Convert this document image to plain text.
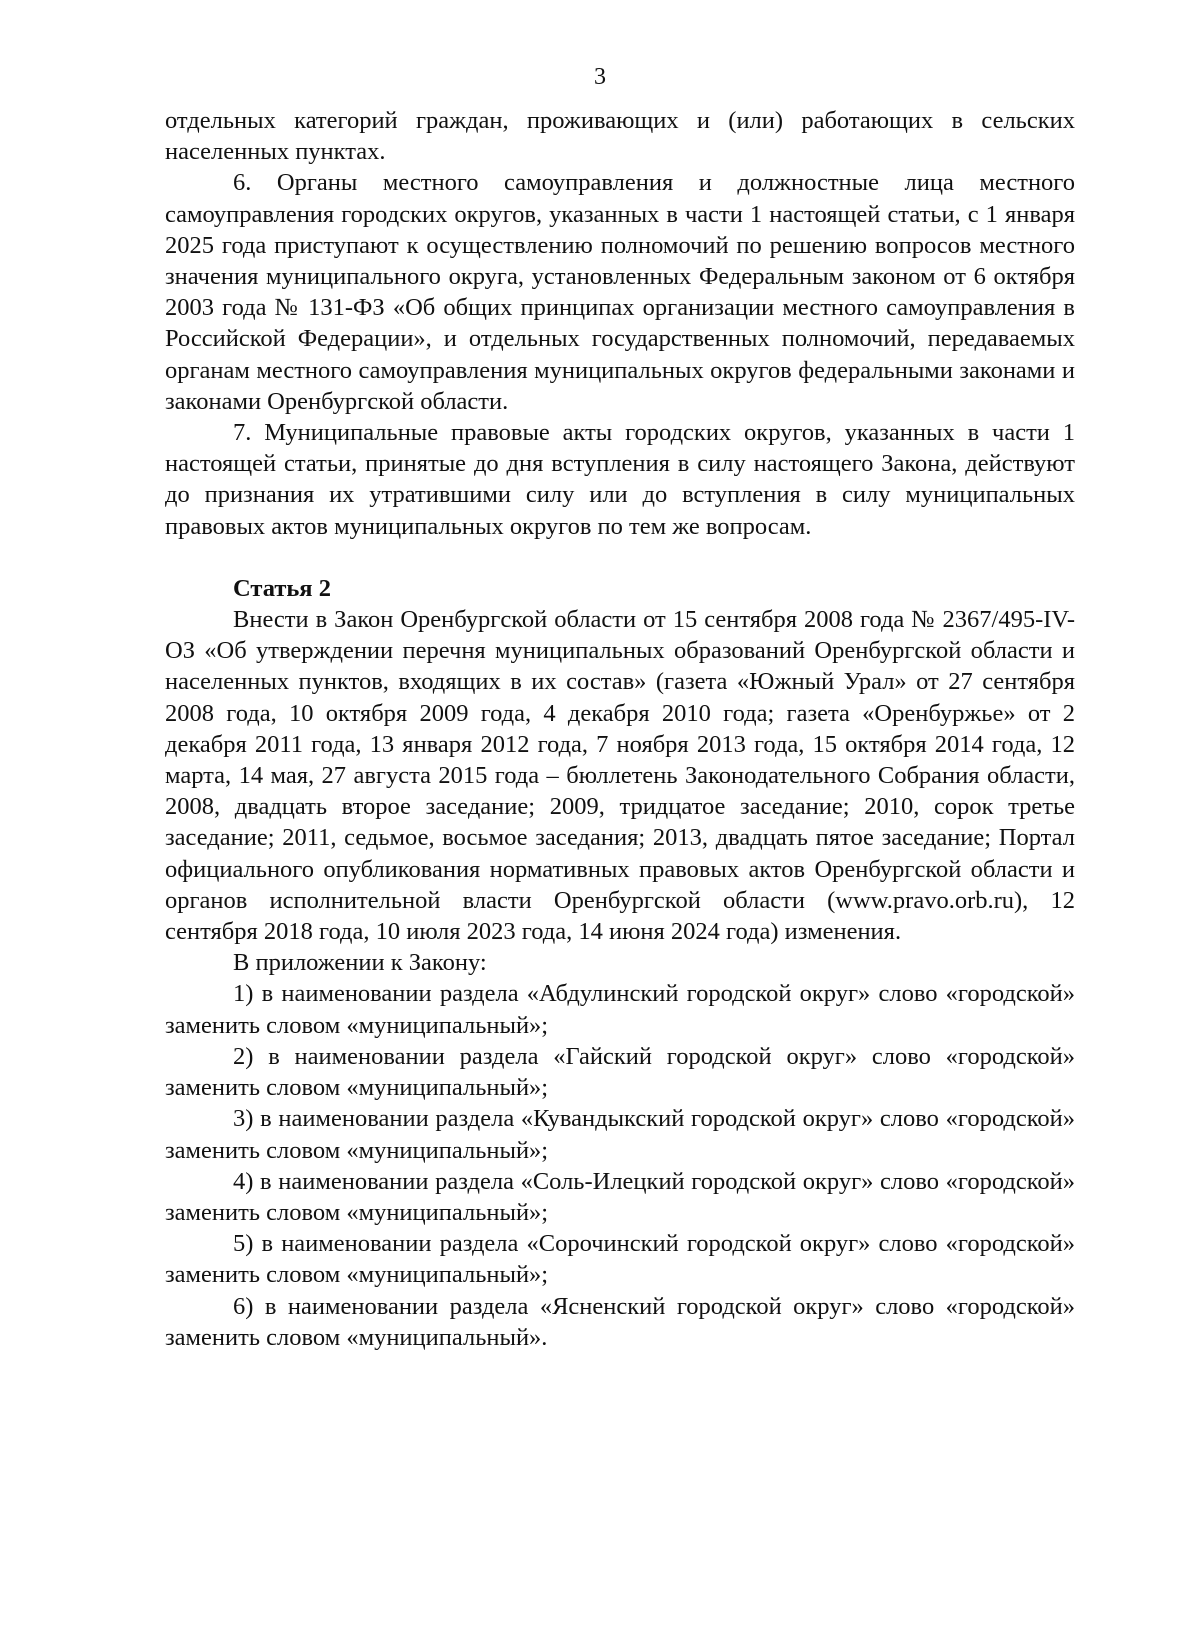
3

отдельных категорий граждан, проживающих и (или) работающих в сельских населенных пунктах.

6. Органы местного самоуправления и должностные лица местного самоуправления городских округов, указанных в части 1 настоящей статьи, с 1 января 2025 года приступают к осуществлению полномочий по решению вопросов местного значения муниципального округа, установленных Федеральным законом от 6 октября 2003 года № 131-ФЗ «Об общих принципах организации местного самоуправления в Российской Федерации», и отдельных государственных полномочий, передаваемых органам местного самоуправления муниципальных округов федеральными законами и законами Оренбургской области.

7. Муниципальные правовые акты городских округов, указанных в части 1 настоящей статьи, принятые до дня вступления в силу настоящего Закона, действуют до признания их утратившими силу или до вступления в силу муниципальных правовых актов муниципальных округов по тем же вопросам.

Статья 2

Внести в Закон Оренбургской области от 15 сентября 2008 года № 2367/495-IV-ОЗ «Об утверждении перечня муниципальных образований Оренбургской области и населенных пунктов, входящих в их состав» (газета «Южный Урал» от 27 сентября 2008 года, 10 октября 2009 года, 4 декабря 2010 года; газета «Оренбуржье» от 2 декабря 2011 года, 13 января 2012 года, 7 ноября 2013 года, 15 октября 2014 года, 12 марта, 14 мая, 27 августа 2015 года – бюллетень Законодательного Собрания области, 2008, двадцать второе заседание; 2009, тридцатое заседание; 2010, сорок третье заседание; 2011, седьмое, восьмое заседания; 2013, двадцать пятое заседание; Портал официального опубликования нормативных правовых актов Оренбургской области и органов исполнительной власти Оренбургской области (www.pravo.orb.ru), 12 сентября 2018 года, 10 июля 2023 года, 14 июня 2024 года) изменения.

В приложении к Закону:

1) в наименовании раздела «Абдулинский городской округ» слово «городской» заменить словом «муниципальный»;

2) в наименовании раздела «Гайский городской округ» слово «городской» заменить словом «муниципальный»;

3) в наименовании раздела «Кувандыкский городской округ» слово «городской» заменить словом «муниципальный»;

4) в наименовании раздела «Соль-Илецкий городской округ» слово «городской» заменить словом «муниципальный»;

5) в наименовании раздела «Сорочинский городской округ» слово «городской» заменить словом «муниципальный»;

6) в наименовании раздела «Ясненский городской округ» слово «городской» заменить словом «муниципальный».
